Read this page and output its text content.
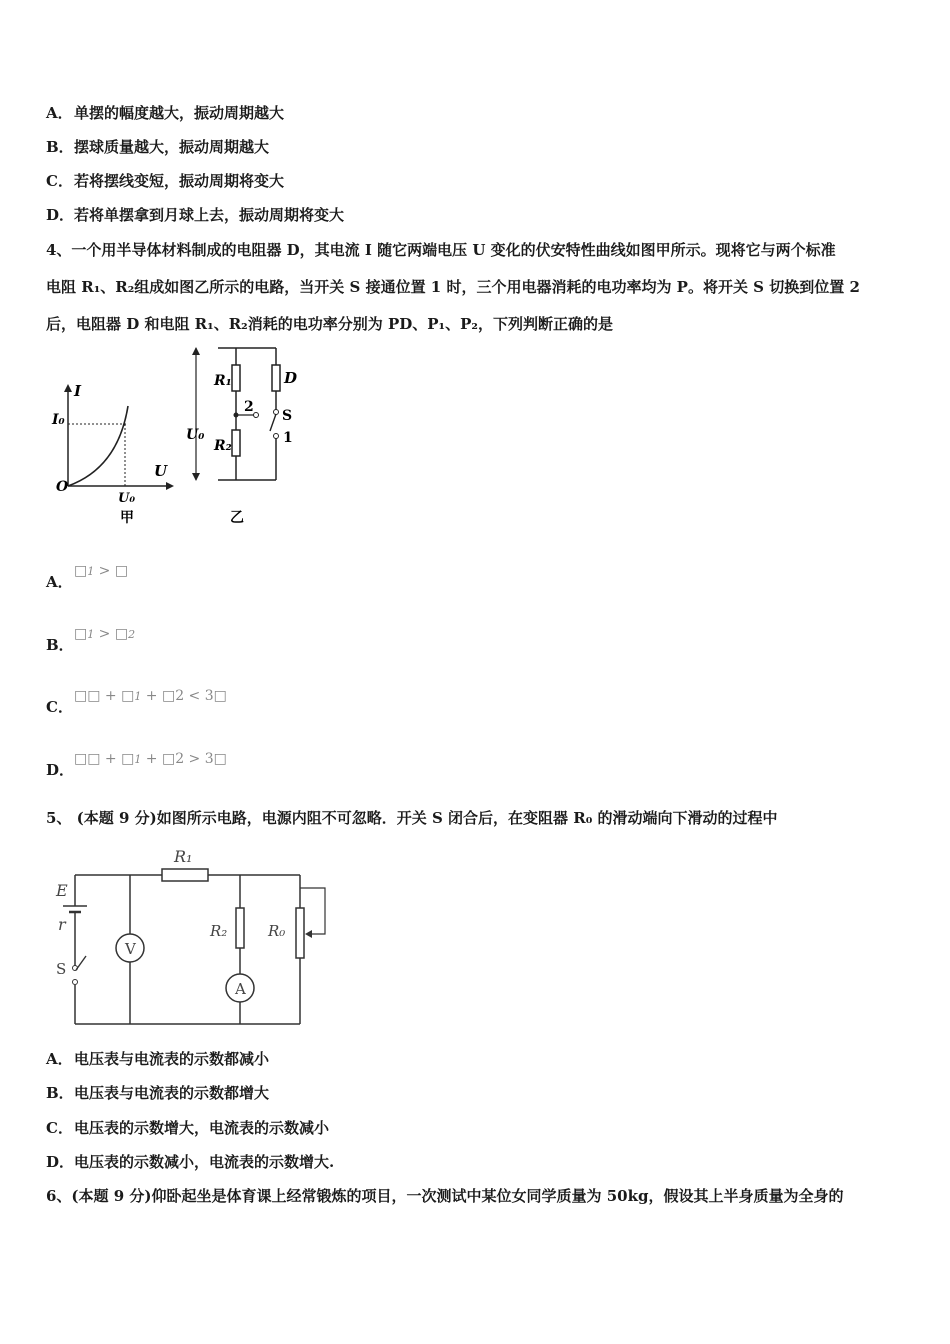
A．单摆的幅度越大，振动周期越大
B．摆球质量越大，振动周期越大
C．若将摆线变短，振动周期将变大
D．若将单摆拿到月球上去，振动周期将变大
4、一个用半导体材料制成的电阻器 D，其电流 I 随它两端电压 U 变化的伏安特性曲线如图甲所示。现将它与两个标准
电阻 R₁、R₂组成如图乙所示的电路，当开关 S 接通位置 1 时，三个用电器消耗的电功率均为 P。将开关 S 切换到位置 2
后，电阻器 D 和电阻 R₁、R₂消耗的电功率分别为 PD、P₁、P₂，下列判断正确的是
I
U
I₀
O
U₀
甲
U₀
R₁
R₂
D
2
S
1
乙
A．
□1 > □
B．
□1 > □2
C．
□□ + □1 + □2 < 3□
D．
□□ + □1 + □2 > 3□
5、 (本题 9 分)如图所示电路，电源内阻不可忽略．开关 S 闭合后，在变阻器 R₀ 的滑动端向下滑动的过程中
R₁
E
r
S
V
A
R₂	R₀
A．电压表与电流表的示数都减小
B．电压表与电流表的示数都增大
C．电压表的示数增大，电流表的示数减小
D．电压表的示数减小，电流表的示数增大.
6、(本题 9 分)仰卧起坐是体育课上经常锻炼的项目，一次测试中某位女同学质量为 50kg，假设其上半身质量为全身的
